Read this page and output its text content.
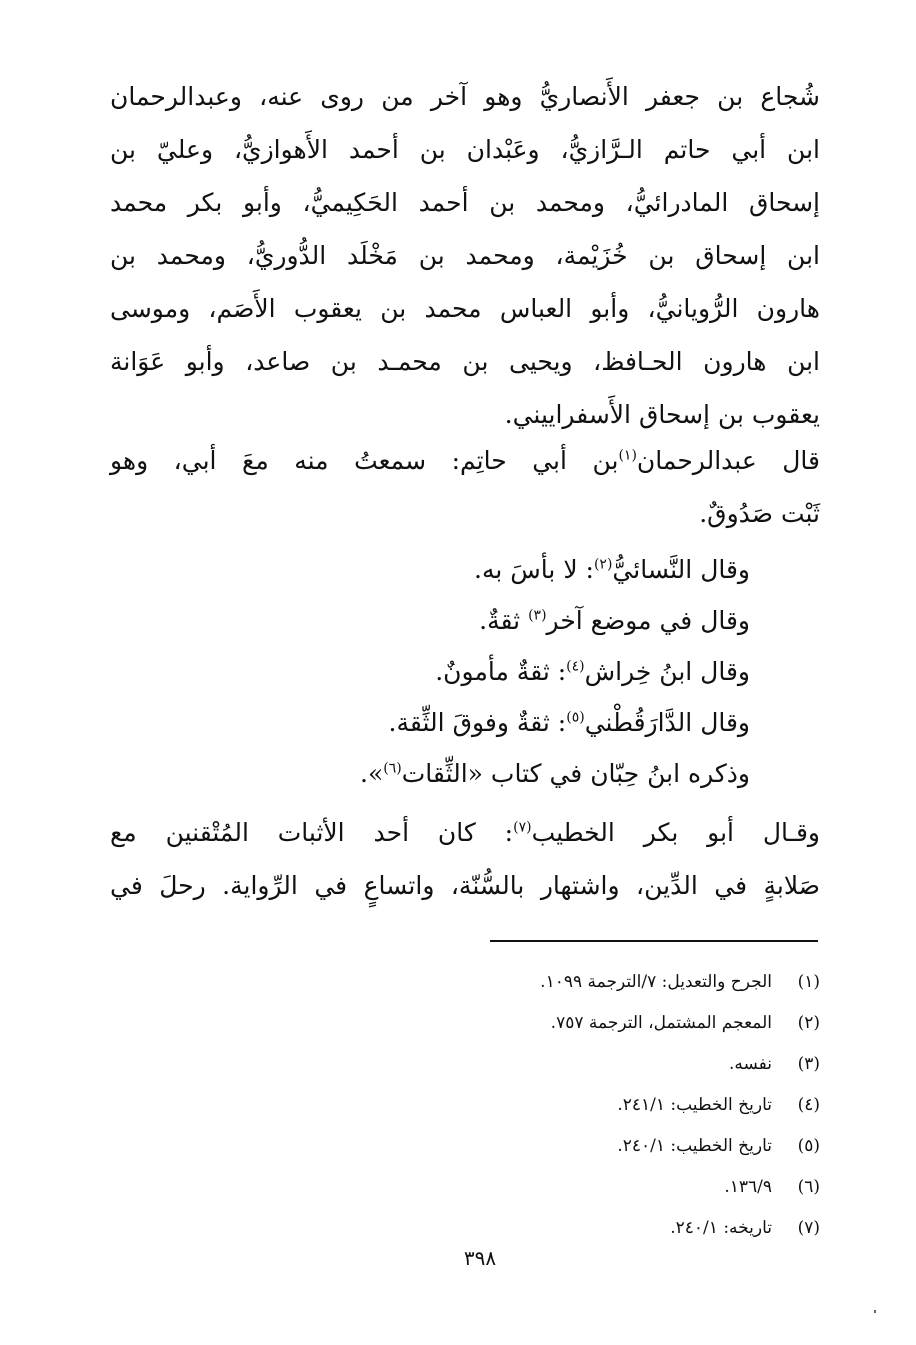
شُجاع بن جعفر الأَنصاريُّ وهو آخر من روى عنه، وعبدالرحمان
ابن أبي حاتم الـرَّازيُّ، وعَبْدان بن أحمد الأَهوازيُّ، وعليّ بن
إسحاق المادرائيُّ، ومحمد بن أحمد الحَكِيميُّ، وأبو بكر محمد
ابن إسحاق بن خُزَيْمة، ومحمد بن مَخْلَد الدُّوريُّ، ومحمد بن
هارون الرُّويانيُّ، وأبو العباس محمد بن يعقوب الأَصَم، وموسى
ابن هارون الحـافظ، ويحيى بن محمـد بن صاعد، وأبو عَوَانة
يعقوب بن إسحاق الأَسفراييني.
قال عبدالرحمان$^{(١)}$بن أبي حاتِم: سمعتُ منه معَ أبي، وهو
ثَبْت صَدُوقٌ.
وقال النَّسائيُّ$^{(٢)}$: لا بأسَ به.
وقال في موضع آخر$^{(٣)}$ ثقةٌ.
وقال ابنُ خِراش$^{(٤)}$: ثقةٌ مأمونٌ.
وقال الدَّارَقُطْني$^{(٥)}$: ثقةٌ وفوقَ الثِّقة.
وذكره ابنُ حِبّان في كتاب «الثِّقات$^{(٦)}$».
وقـال أبو بكر الخطيب$^{(٧)}$: كان أحد الأثبات المُتْقنين مع
صَلابةٍ في الدِّين، واشتهار بالسُّنّة، واتساعٍ في الرِّواية. رحلَ في
(١)
الجرح والتعديل: ٧/الترجمة ١٠٩٩.
(٢)
المعجم المشتمل، الترجمة ٧٥٧.
(٣)
نفسه.
(٤)
تاريخ الخطيب: ٢٤١/١.
(٥)
تاريخ الخطيب: ٢٤٠/١.
(٦)
١٣٦/٩.
(٧)
تاريخه: ٢٤٠/١.
٣٩٨
